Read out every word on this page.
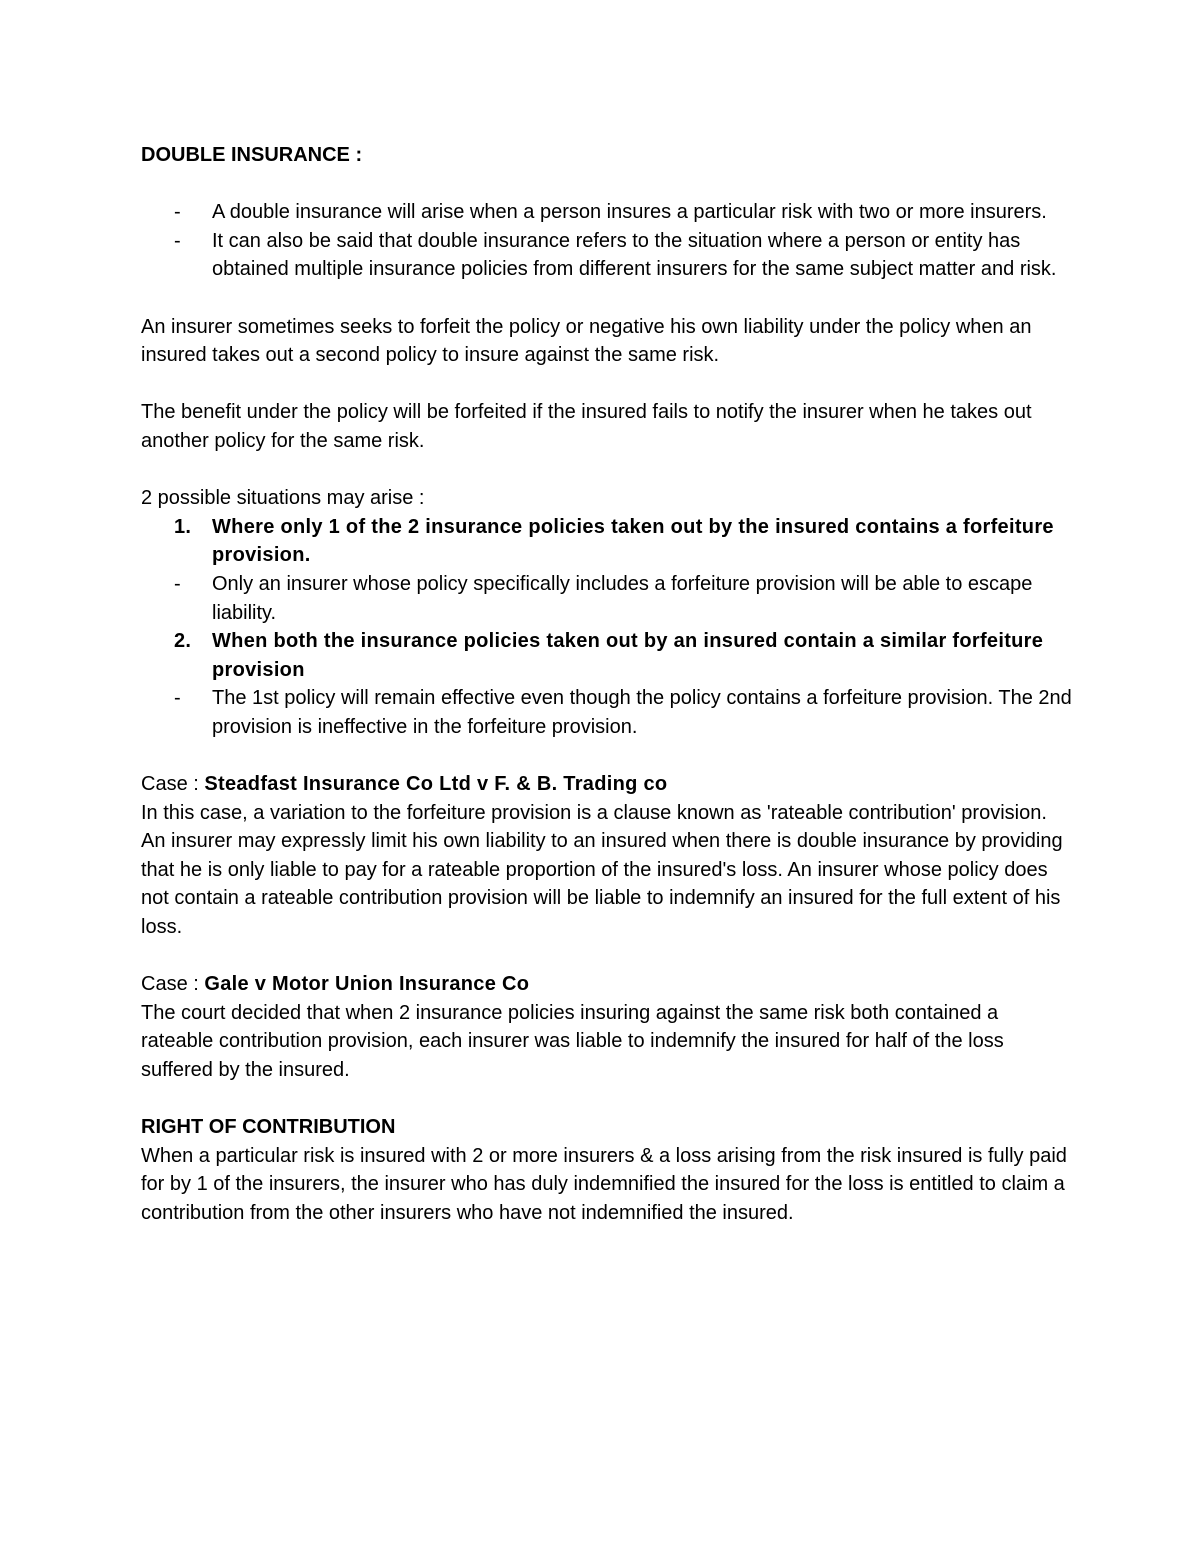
DOUBLE INSURANCE :

- A double insurance will arise when a person insures a particular risk with two or more insurers.
- It can also be said that double insurance refers to the situation where a person or entity has obtained multiple insurance policies from different insurers for the same subject matter and risk.

An insurer sometimes seeks to forfeit the policy or negative his own liability under the policy when an insured takes out a second policy to insure against the same risk.

The benefit under the policy will be forfeited if the insured fails to notify the insurer when he takes out another policy for the same risk.

2 possible situations may arise :

1. Where only 1 of the 2 insurance policies taken out by the insured contains a forfeiture provision.
- Only an insurer whose policy specifically includes a forfeiture provision will be able to escape liability.
2. When both the insurance policies taken out by an insured contain a similar forfeiture provision
- The 1st policy will remain effective even though the policy contains a forfeiture provision. The 2nd provision is ineffective in the forfeiture provision.

Case : Steadfast Insurance Co Ltd v F. & B. Trading co

In this case, a variation to the forfeiture provision is a clause known as 'rateable contribution' provision. An insurer may expressly limit his own liability to an insured when there is double insurance by providing that he is only liable to pay for a rateable proportion of the insured's loss. An insurer whose policy does not contain a rateable contribution provision will be liable to indemnify an insured for the full extent of his loss.

Case : Gale v Motor Union Insurance Co

The court decided that when 2 insurance policies insuring against the same risk both contained a rateable contribution provision, each insurer was liable to indemnify the insured for half of the loss suffered by the insured.

RIGHT OF CONTRIBUTION

When a particular risk is insured with 2 or more insurers & a loss arising from the risk insured is fully paid for by 1 of the insurers, the insurer who has duly indemnified the insured for the loss is entitled to claim a contribution from the other insurers who have not indemnified the insured.
